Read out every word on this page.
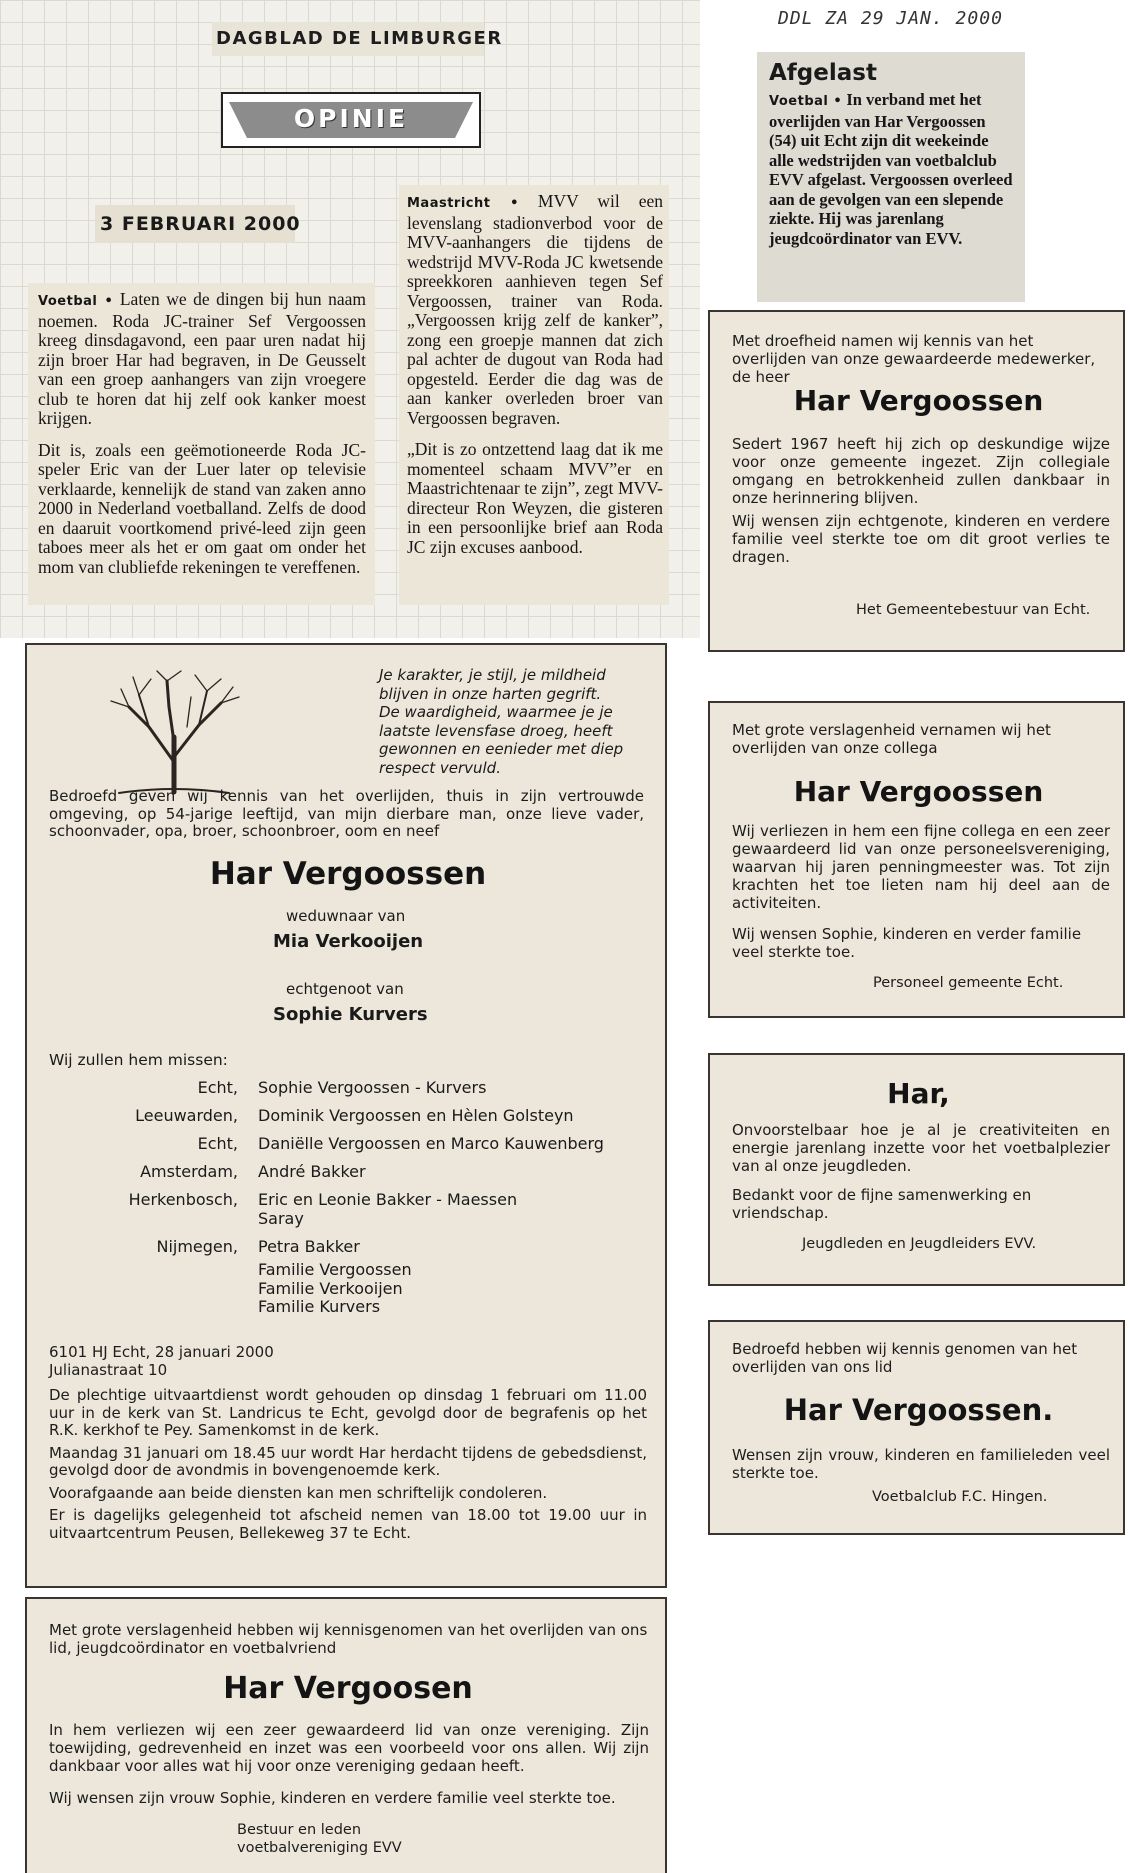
DAGBLAD DE LIMBURGER
OPINIE
3 FEBRUARI 2000

Voetbal • Laten we de dingen bij hun naam noemen. Roda JC-trainer Sef Vergoossen kreeg dinsdagavond, een paar uren nadat hij zijn broer Har had begraven, in De Geusselt van een groep aanhangers van zijn vroegere club te horen dat hij zelf ook kanker moest krijgen.

Dit is, zoals een geëmotioneerde Roda JC-speler Eric van der Luer later op televisie verklaarde, kennelijk de stand van zaken anno 2000 in Nederland voetballand. Zelfs de dood en daaruit voortkomend privé-leed zijn geen taboes meer als het er om gaat om onder het mom van clubliefde rekeningen te vereffenen.

Maastricht • MVV wil een levenslang stadionverbod voor de MVV-aanhangers die tijdens de wedstrijd MVV-Roda JC kwetsende spreekkoren aanhieven tegen Sef Vergoossen, trainer van Roda. „Vergoossen krijg zelf de kanker”, zong een groepje mannen dat zich pal achter de dugout van Roda had opgesteld. Eerder die dag was de aan kanker overleden broer van Vergoossen begraven.

„Dit is zo ontzettend laag dat ik me momenteel schaam MVV”er en Maastrichtenaar te zijn”, zegt MVV-directeur Ron Weyzen, die gisteren in een persoonlijke brief aan Roda JC zijn excuses aanbood.

DDL ZA 29 JAN. 2000
Afgelast
Voetbal • In verband met het overlijden van Har Vergoossen (54) uit Echt zijn dit weekeinde alle wedstrijden van voetbalclub EVV afgelast. Vergoossen overleed aan de gevolgen van een slepende ziekte. Hij was jarenlang jeugdcoördinator van EVV.
Je karakter, je stijl, je mildheid blijven in onze harten gegrift. De waardigheid, waarmee je je laatste levensfase droeg, heeft gewonnen en eenieder met diep respect vervuld.
Bedroefd geven wij kennis van het overlijden, thuis in zijn vertrouwde omgeving, op 54-jarige leeftijd, van mijn dierbare man, onze lieve vader, schoonvader, opa, broer, schoonbroer, oom en neef
Har Vergoossen
weduwnaar van
Mia Verkooijen
echtgenoot van
Sophie Kurvers
Wij zullen hem missen:
Echt,	Sophie Vergoossen - Kurvers
Leeuwarden,	Dominik Vergoossen en Hèlen Golsteyn
Echt,	Daniëlle Vergoossen en Marco Kauwenberg
Amsterdam,	André Bakker
Herkenbosch,	Eric en Leonie Bakker - Maessen
Saray
Nijmegen,	Petra Bakker
Familie Vergoossen
Familie Verkooijen
Familie Kurvers
6101 HJ Echt, 28 januari 2000
Julianastraat 10
De plechtige uitvaartdienst wordt gehouden op dinsdag 1 februari om 11.00 uur in de kerk van St. Landricus te Echt, gevolgd door de begrafenis op het R.K. kerkhof te Pey. Samenkomst in de kerk.
Maandag 31 januari om 18.45 uur wordt Har herdacht tijdens de gebedsdienst, gevolgd door de avondmis in bovengenoemde kerk.
Voorafgaande aan beide diensten kan men schriftelijk condoleren.
Er is dagelijks gelegenheid tot afscheid nemen van 18.00 tot 19.00 uur in uitvaartcentrum Peusen, Bellekeweg 37 te Echt.
Met grote verslagenheid hebben wij kennisgenomen van het overlijden van ons lid, jeugdcoördinator en voetbalvriend
Har Vergoosen
In hem verliezen wij een zeer gewaardeerd lid van onze vereniging. Zijn toewijding, gedrevenheid en inzet was een voorbeeld voor ons allen. Wij zijn dankbaar voor alles wat hij voor onze vereniging gedaan heeft.
Wij wensen zijn vrouw Sophie, kinderen en verdere familie veel sterkte toe.
Bestuur en leden
voetbalvereniging EVV
Met droefheid namen wij kennis van het overlijden van onze gewaardeerde medewerker, de heer
Har Vergoossen
Sedert 1967 heeft hij zich op deskundige wijze voor onze gemeente ingezet. Zijn collegiale omgang en betrokkenheid zullen dankbaar in onze herinnering blijven.
Wij wensen zijn echtgenote, kinderen en verdere familie veel sterkte toe om dit groot verlies te dragen.
Het Gemeentebestuur van Echt.
Met grote verslagenheid vernamen wij het overlijden van onze collega
Har Vergoossen
Wij verliezen in hem een fijne collega en een zeer gewaardeerd lid van onze personeelsvereniging, waarvan hij jaren penningmeester was. Tot zijn krachten het toe lieten nam hij deel aan de activiteiten.
Wij wensen Sophie, kinderen en verder familie veel sterkte toe.
Personeel gemeente Echt.
Har,
Onvoorstelbaar hoe je al je creativiteiten en energie jarenlang inzette voor het voetbalplezier van al onze jeugdleden.
Bedankt voor de fijne samenwerking en vriendschap.
Jeugdleden en Jeugdleiders EVV.
Bedroefd hebben wij kennis genomen van het overlijden van ons lid
Har Vergoossen.
Wensen zijn vrouw, kinderen en familieleden veel sterkte toe.
Voetbalclub F.C. Hingen.
